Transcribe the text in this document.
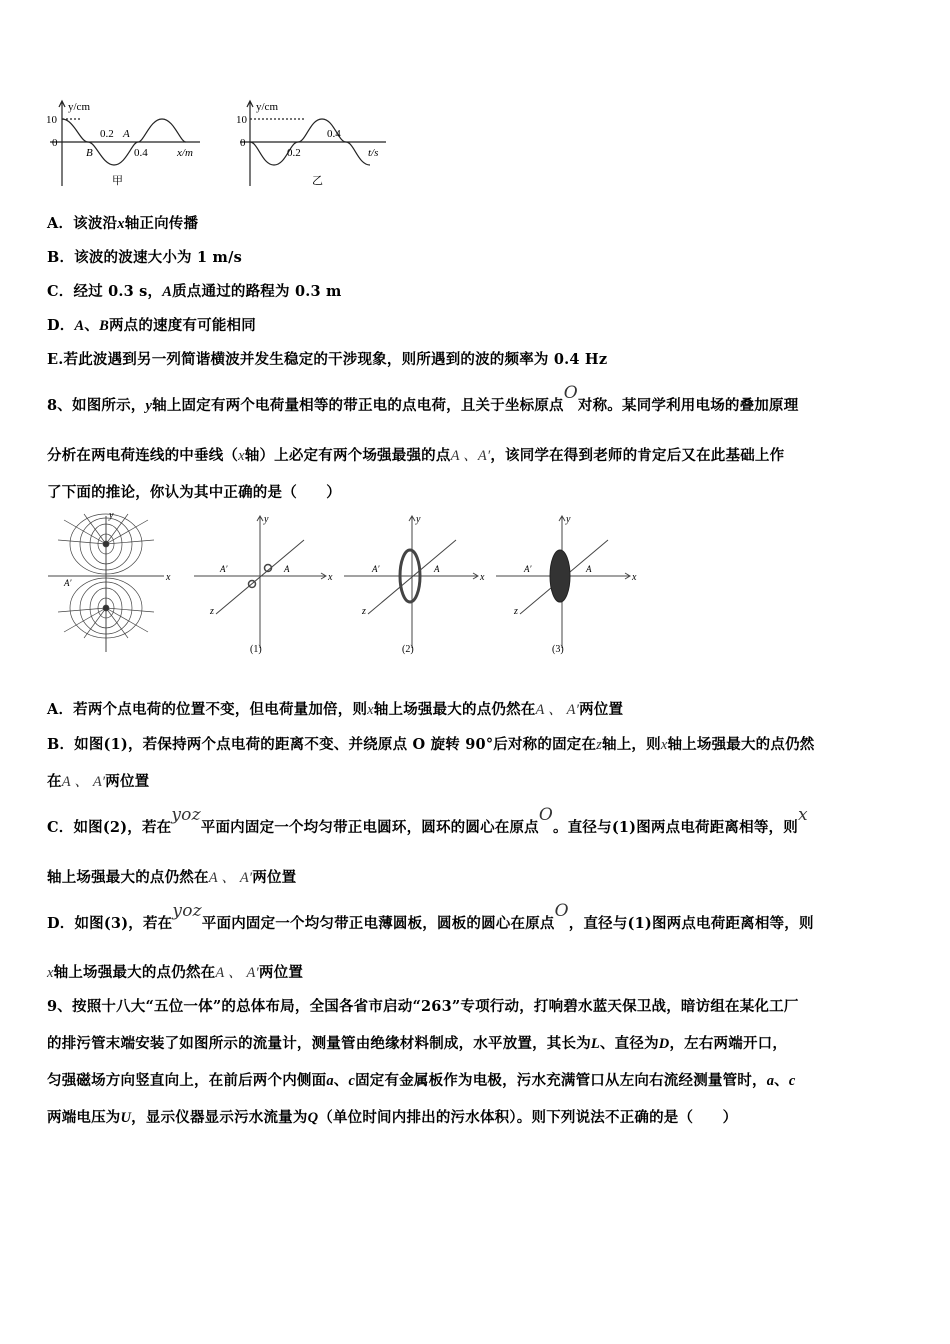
y/cm
10
0
0.2 A
B	0.4	x/m
甲
y/cm
10
0
0.2
0.4
t/s
乙
A．该波沿x轴正向传播
B．该波的波速大小为 1 m/s
C．经过 0.3 s，A质点通过的路程为 0.3 m
D．A、B两点的速度有可能相同
E.若此波遇到另一列简谐横波并发生稳定的干涉现象，则所遇到的波的频率为 0.4 Hz
8、如图所示，y轴上固定有两个电荷量相等的带正电的点电荷，且关于坐标原点O对称。某同学利用电场的叠加原理
分析在两电荷连线的中垂线（x轴）上必定有两个场强最强的点A 、A′，该同学在得到老师的肯定后又在此基础上作
了下面的推论，你认为其中正确的是（　　）
x
y
A′	x
y
z
A
A′
(1)
x
y
z
A
A′
(2)
x
y
z
A
A′
(3)
A．若两个点电荷的位置不变，但电荷量加倍，则x轴上场强最大的点仍然在A 、 A′两位置
B．如图(1)，若保持两个点电荷的距离不变、并绕原点 O 旋转 90°后对称的固定在z轴上，则x轴上场强最大的点仍然
在A 、 A′两位置
C．如图(2)，若在yoz平面内固定一个均匀带正电圆环，圆环的圆心在原点O。直径与(1)图两点电荷距离相等，则x
轴上场强最大的点仍然在A 、 A′两位置
D．如图(3)，若在yoz平面内固定一个均匀带正电薄圆板，圆板的圆心在原点O，直径与(1)图两点电荷距离相等，则
x轴上场强最大的点仍然在A 、 A′两位置
9、按照十八大“五位一体”的总体布局，全国各省市启动“263”专项行动，打响碧水蓝天保卫战，暗访组在某化工厂
的排污管末端安装了如图所示的流量计，测量管由绝缘材料制成，水平放置，其长为L、直径为D，左右两端开口，
匀强磁场方向竖直向上，在前后两个内侧面a、c固定有金属板作为电极，污水充满管口从左向右流经测量管时，a、c
两端电压为U，显示仪器显示污水流量为Q（单位时间内排出的污水体积）。则下列说法不正确的是（　　）
